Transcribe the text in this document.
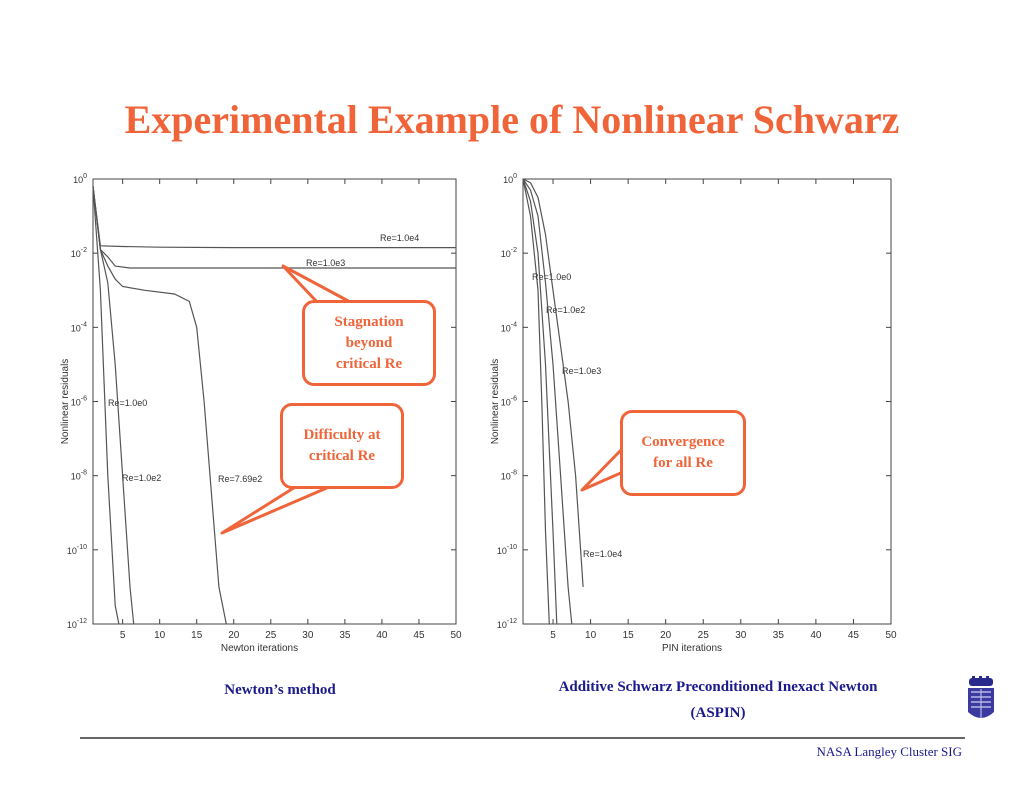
Experimental Example of Nonlinear Schwarz
5	10	15	20	25	30	35	40	45	50
$10^0$
$10^{-2}$
$10^{-4}$
$10^{-6}$
$10^{-8}$
$10^{-10}$
$10^{-12}$
Newton iterations
Nonlinear residuals
Re=1.0e4
Re=1.0e3
Re=1.0e0
Re=1.0e2	Re=7.69e2
5	10	15	20	25	30	35	40	45	50
$10^0$
$10^{-2}$
$10^{-4}$
$10^{-6}$
$10^{-8}$
$10^{-10}$
$10^{-12}$
PIN iterations
Nonlinear residuals
Re=1.0e0
Re=1.0e2
Re=1.0e3
Re=1.0e4
Stagnation
beyond
critical Re
Difficulty at
critical Re
Convergence
for all Re
Newton’s method	Additive Schwarz Preconditioned Inexact Newton
(ASPIN)
NASA Langley Cluster SIG
